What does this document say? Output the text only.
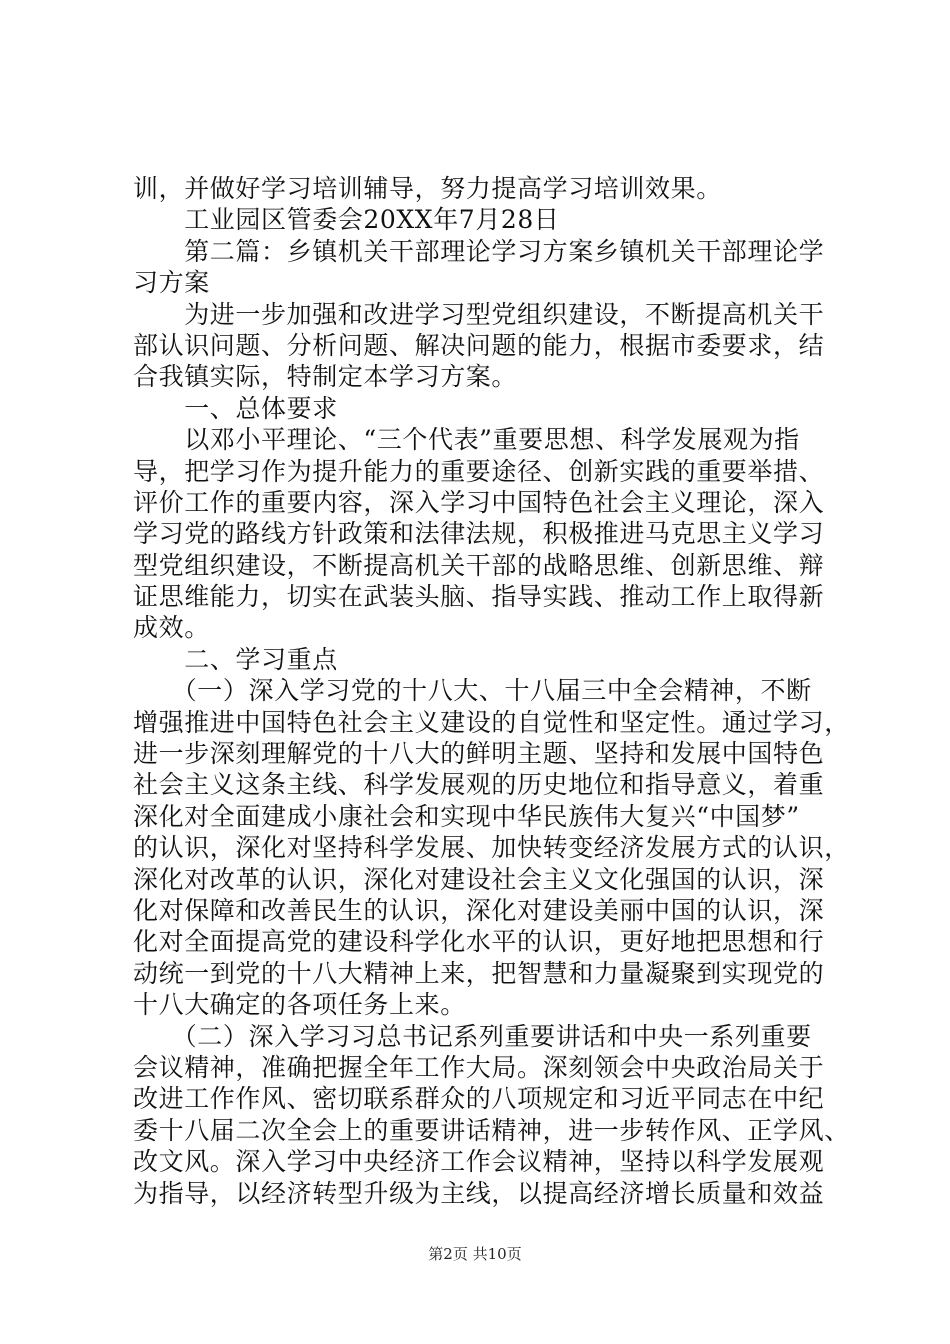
训，并做好学习培训辅导，努力提高学习培训效果。
　　工业园区管委会20XX年7月28日
　　第二篇：乡镇机关干部理论学习方案乡镇机关干部理论学
习方案
　　为进一步加强和改进学习型党组织建设，不断提高机关干
部认识问题、分析问题、解决问题的能力，根据市委要求，结
合我镇实际，特制定本学习方案。
　　一、总体要求
　　以邓小平理论、“三个代表”重要思想、科学发展观为指
导，把学习作为提升能力的重要途径、创新实践的重要举措、
评价工作的重要内容，深入学习中国特色社会主义理论，深入
学习党的路线方针政策和法律法规，积极推进马克思主义学习
型党组织建设，不断提高机关干部的战略思维、创新思维、辩
证思维能力，切实在武装头脑、指导实践、推动工作上取得新
成效。
　　二、学习重点
　　（一）深入学习党的十八大、十八届三中全会精神，不断
增强推进中国特色社会主义建设的自觉性和坚定性。通过学习，
进一步深刻理解党的十八大的鲜明主题、坚持和发展中国特色
社会主义这条主线、科学发展观的历史地位和指导意义，着重
深化对全面建成小康社会和实现中华民族伟大复兴“中国梦”
的认识，深化对坚持科学发展、加快转变经济发展方式的认识，
深化对改革的认识，深化对建设社会主义文化强国的认识，深
化对保障和改善民生的认识，深化对建设美丽中国的认识，深
化对全面提高党的建设科学化水平的认识，更好地把思想和行
动统一到党的十八大精神上来，把智慧和力量凝聚到实现党的
十八大确定的各项任务上来。
　　（二）深入学习习总书记系列重要讲话和中央一系列重要
会议精神，准确把握全年工作大局。深刻领会中央政治局关于
改进工作作风、密切联系群众的八项规定和习近平同志在中纪
委十八届二次全会上的重要讲话精神，进一步转作风、正学风、
改文风。深入学习中央经济工作会议精神，坚持以科学发展观
为指导，以经济转型升级为主线，以提高经济增长质量和效益
第2页 共10页
